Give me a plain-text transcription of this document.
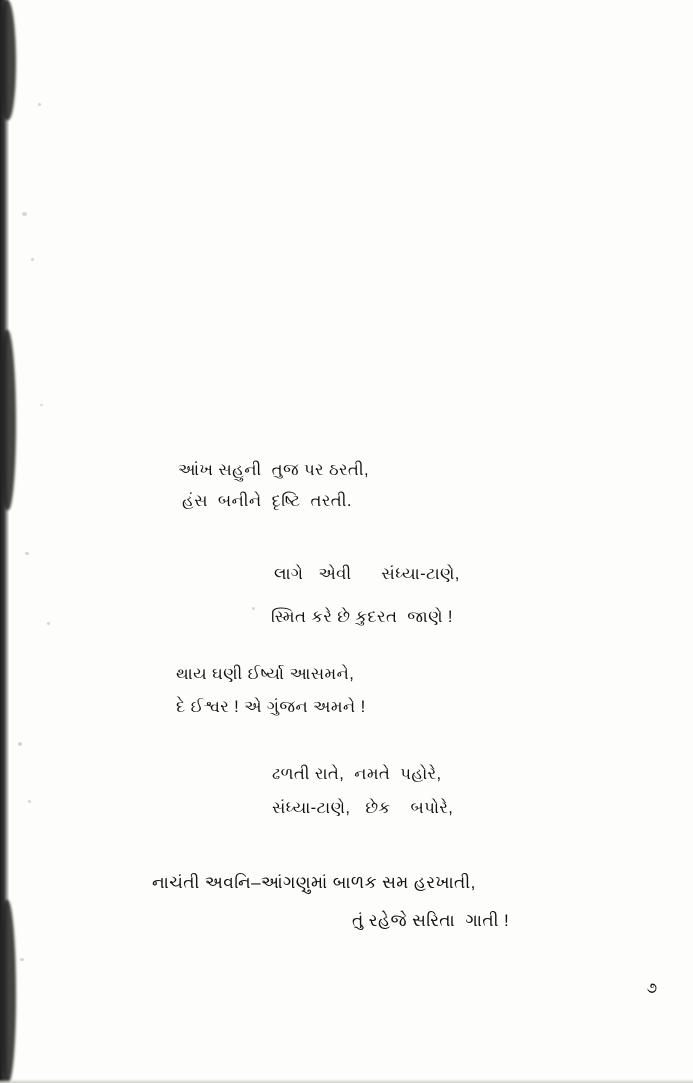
આંખ સહુની  તુજ પર ઠરતી,
હંસ  બનીને  દૃષ્ટિ  તરતી.
લાગે   એવી      સંધ્યા-ટાણે,
સ્મિત કરે છે કુદરત  જાણે !
થાય ઘણી ઈર્ષ્યા આસમને,
દે ઈશ્વર ! એ ગુંજન અમને !
ઢળતી રાતે,  નમતે  પહોરે,
સંધ્યા-ટાણે,   છેક    બપોરે,
નાચંતી અવનિ–આંગણુમાં બાળક સમ હરખાતી,
તું રહેજે સરિતા  ગાતી !
૭
